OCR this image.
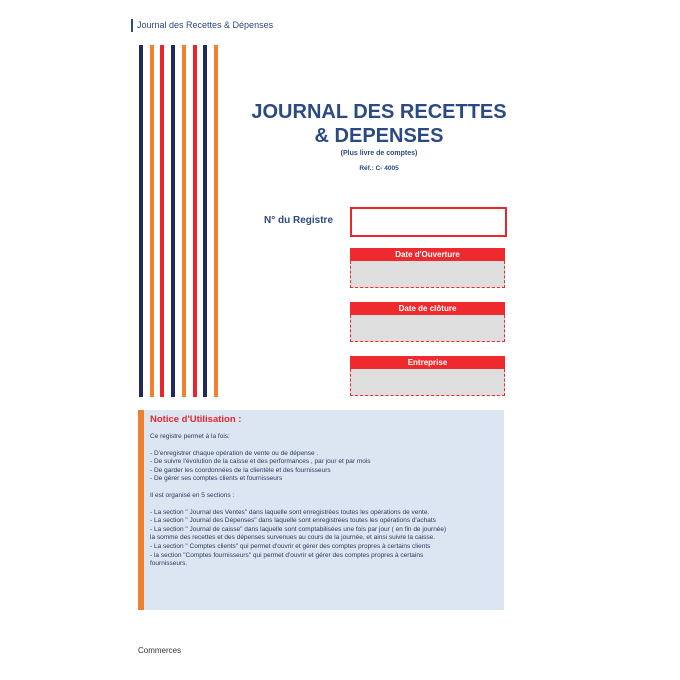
Journal des Recettes & Dépenses
JOURNAL DES RECETTES
& DEPENSES
(Plus livre de comptes)
Réf.: C- 4005
N° du Registre
Date d'Ouverture
Date de clôture
Entreprise
Notice d'Utilisation :
Ce registre permet à la fois:
- D'enregistrer chaque opération de vente ou de dépense .
- De suivre l'évolution de la caisse et des performances , par jour et par mois
- De garder les coordonnées de la clientèle et des fournisseurs
- De gérer ses comptes clients et fournisseurs
Il est organisé en 5 sections :
- La section " Journal des Ventes" dans laquelle sont enregistrées toutes les opérations de vente.
- La section " Journal des Dépenses" dans laquelle sont enregistrées toutes les opérations d'achats
- La section " Journal de caisse" dans laquelle sont comptabilisées une fois par jour ( en fin de journée)
la somme des recettes et des dépenses survenues au cours de la journée, et ainsi suivre la caisse.
- La section " Comptes clients" qui permet d'ouvrir et gérer des comptes propres à certains clients
- la section "Comptes fournisseurs" qui permet d'ouvrir et gérer des comptes propres à certains
fournisseurs.
Commerces
